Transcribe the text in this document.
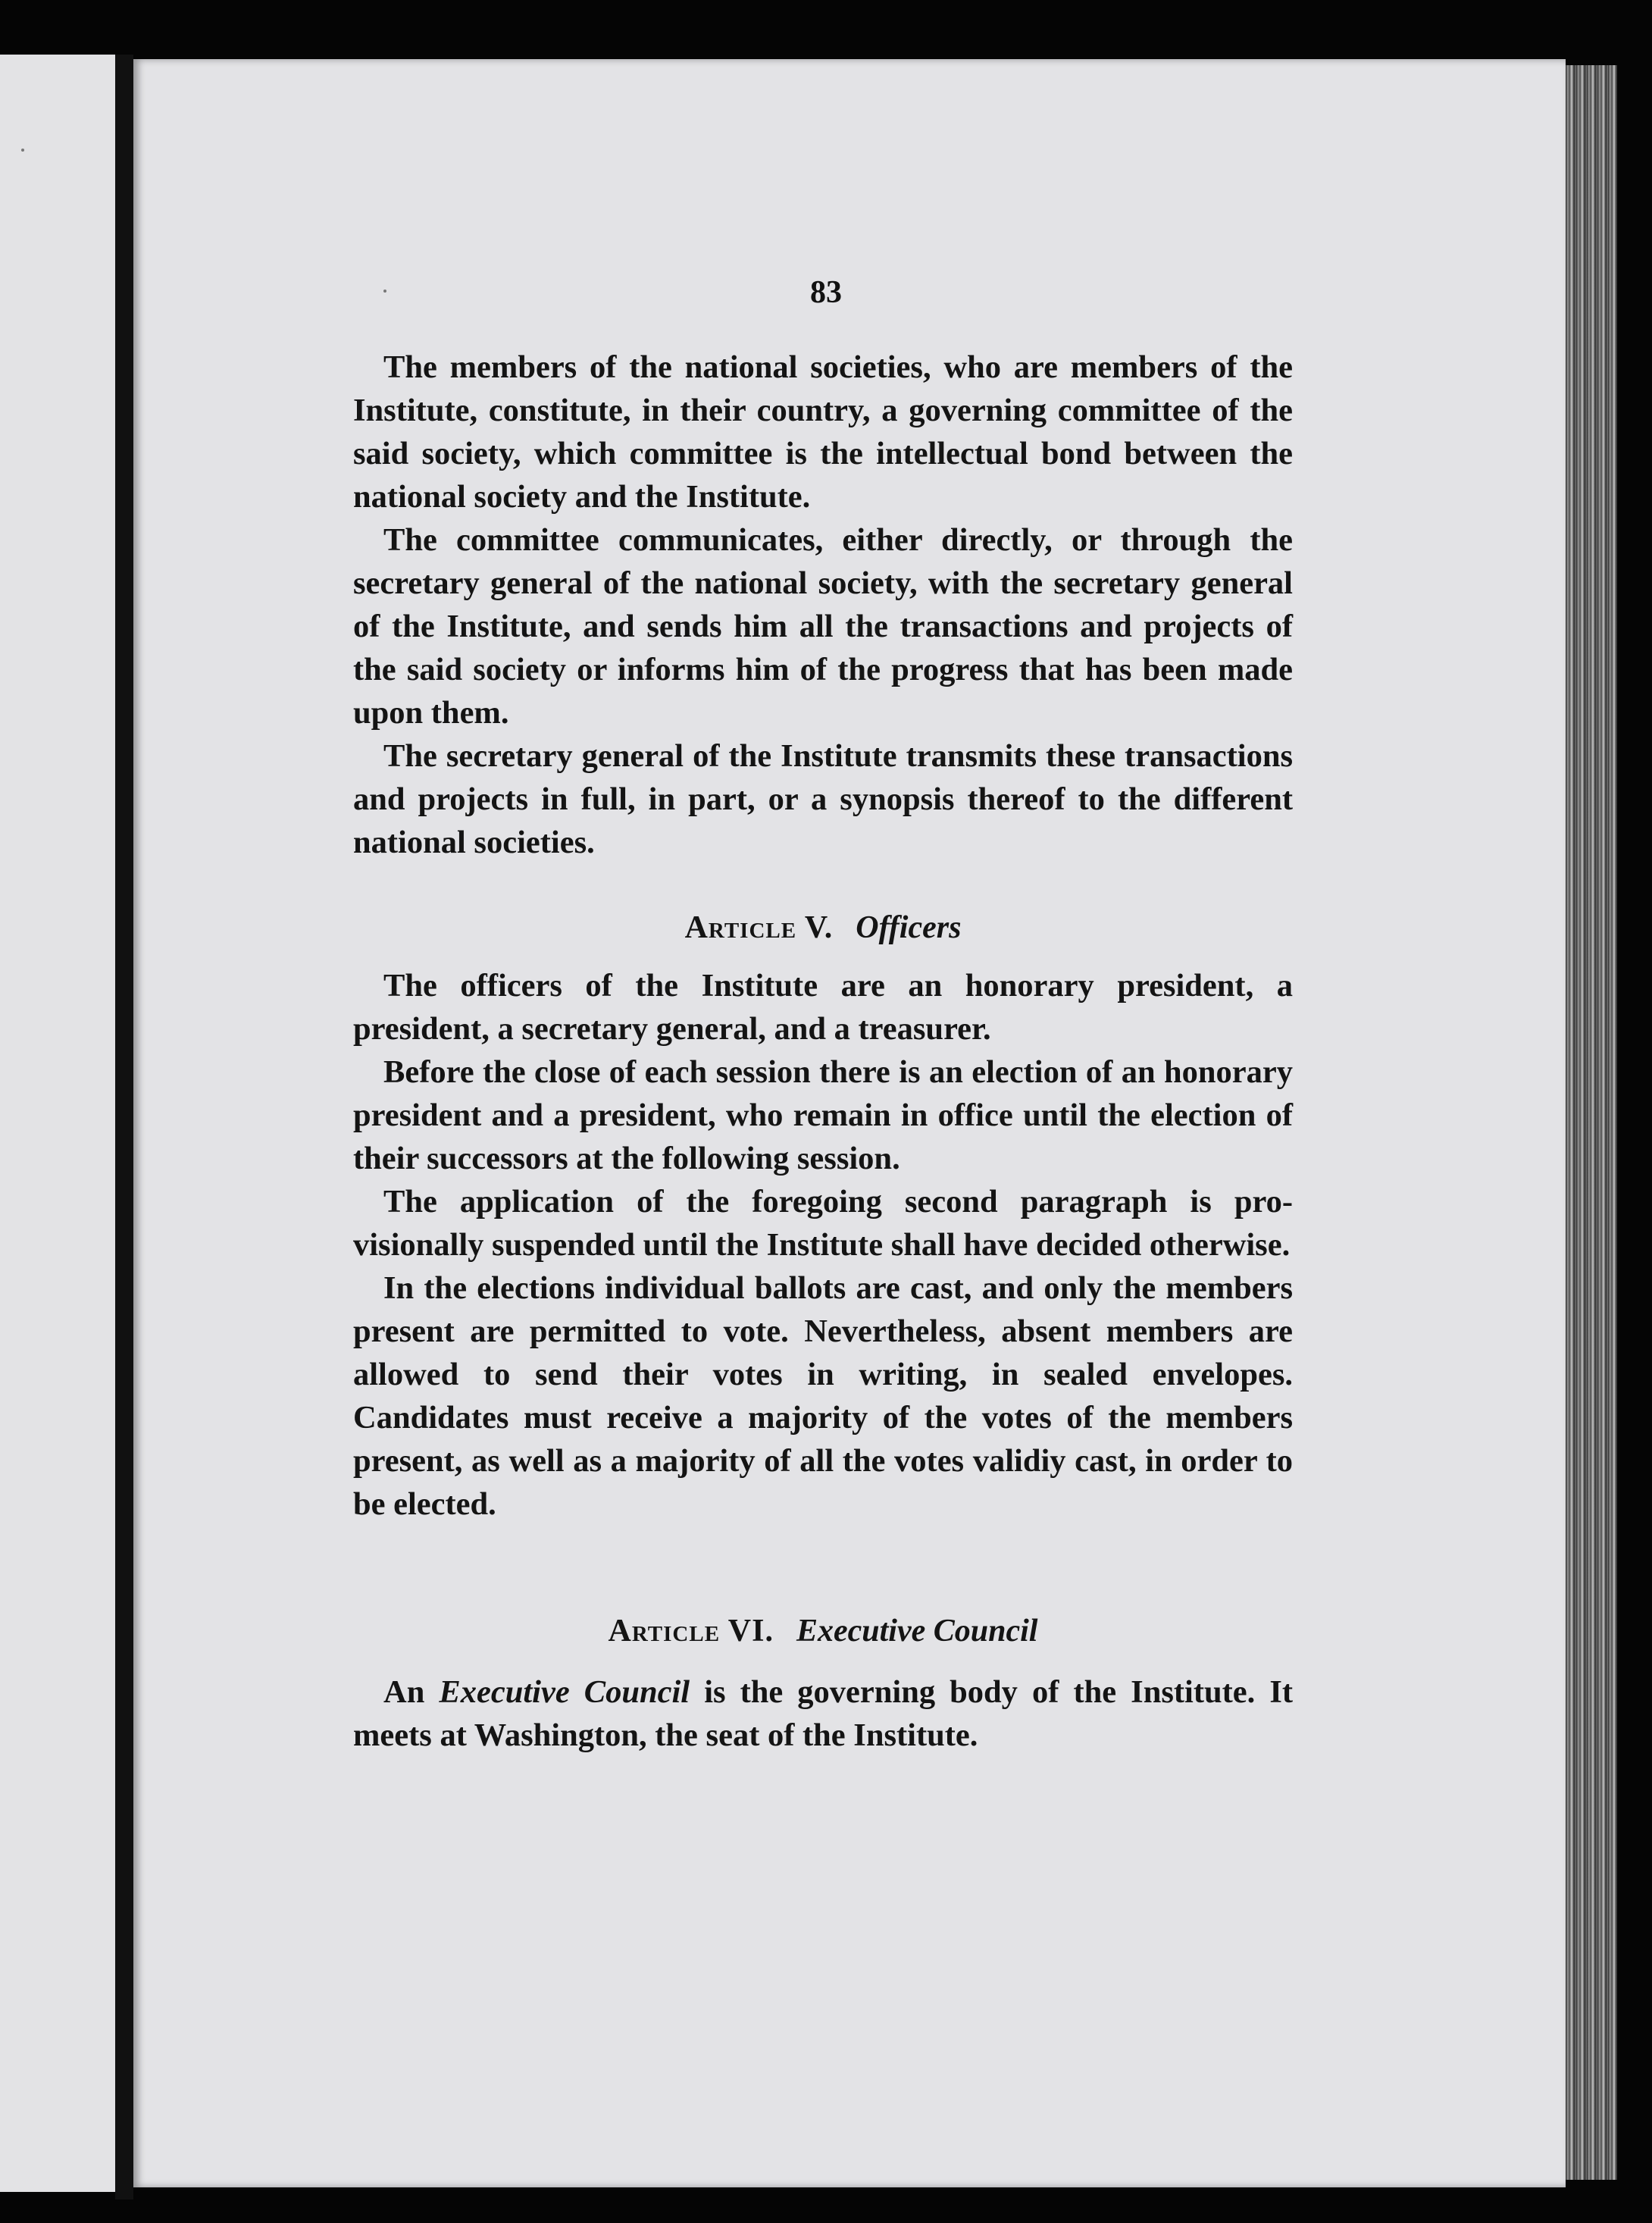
83

The members of the national societies, who are members of the Institute, constitute, in their country, a governing committee of the said society, which committee is the intellectual bond between the national society and the Institute.

The committee communicates, either directly, or through the secretary general of the national society, with the secretary general of the Institute, and sends him all the transactions and projects of the said society or informs him of the progress that has been made upon them.

The secretary general of the Institute transmits these transactions and projects in full, in part, or a synopsis thereof to the different national societies.

Article V. Officers

The officers of the Institute are an honorary president, a president, a secretary general, and a treasurer.

Before the close of each session there is an election of an honorary president and a president, who remain in office until the election of their successors at the following session.

The application of the foregoing second paragraph is provisionally suspended until the Institute shall have decided otherwise.

In the elections individual ballots are cast, and only the members present are permitted to vote. Nevertheless, absent members are allowed to send their votes in writing, in sealed envelopes. Candidates must receive a majority of the votes of the members present, as well as a majority of all the votes validiy cast, in order to be elected.

Article VI. Executive Council

An Executive Council is the governing body of the Institute. It meets at Washington, the seat of the Institute.
